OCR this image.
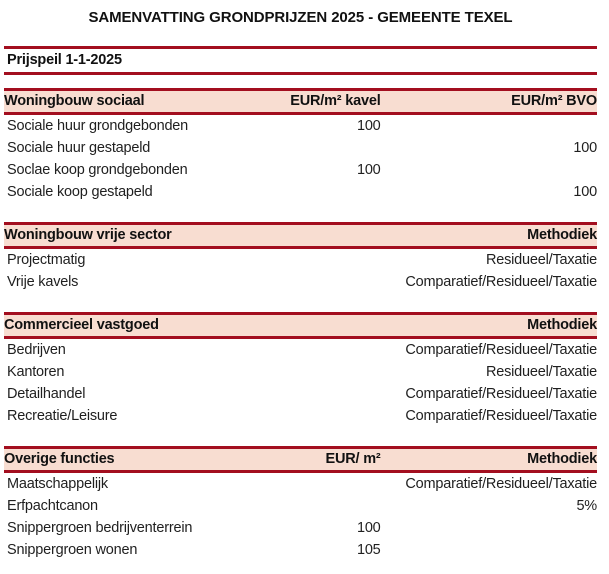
SAMENVATTING GRONDPRIJZEN 2025 - GEMEENTE TEXEL
Prijspeil 1-1-2025
Woningbouw sociaal	EUR/m² kavel	EUR/m² BVO
Sociale huur grondgebonden	100	
Sociale huur gestapeld		100
Soclae koop grondgebonden	100	
Sociale koop gestapeld		100
Woningbouw vrije sector		Methodiek
Projectmatig		Residueel/Taxatie
Vrije kavels		Comparatief/Residueel/Taxatie
Commercieel vastgoed		Methodiek
Bedrijven		Comparatief/Residueel/Taxatie
Kantoren		Residueel/Taxatie
Detailhandel		Comparatief/Residueel/Taxatie
Recreatie/Leisure		Comparatief/Residueel/Taxatie
Overige functies	EUR/ m²	Methodiek
Maatschappelijk		Comparatief/Residueel/Taxatie
Erfpachtcanon		5%
Snippergroen bedrijventerrein	100	
Snippergroen wonen	105	
